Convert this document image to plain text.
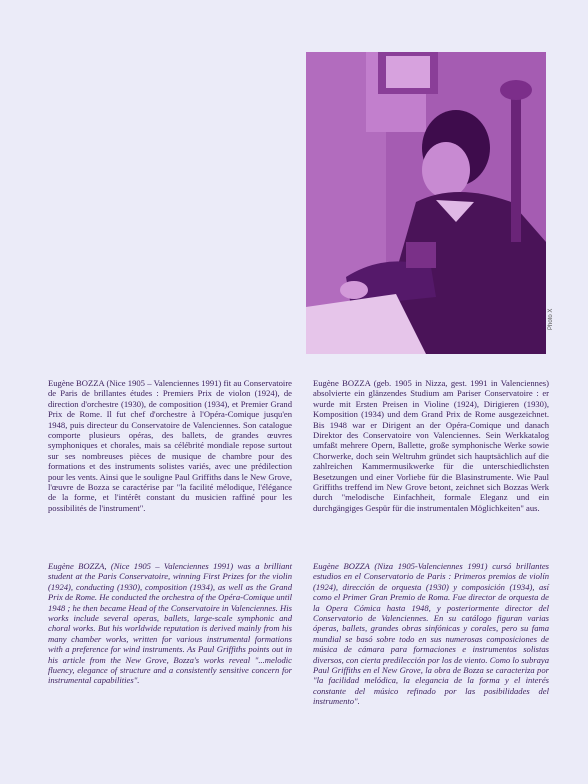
Photo X

Eugène BOZZA (Nice 1905 – Valenciennes 1991) fit au Conservatoire de Paris de brillantes études : Premiers Prix de violon (1924), de direction d'orchestre (1930), de composition (1934), et Premier Grand Prix de Rome. Il fut chef d'orchestre à l'Opéra-Comique jusqu'en 1948, puis directeur du Conservatoire de Valenciennes. Son catalogue comporte plusieurs opéras, des ballets, de grandes œuvres symphoniques et chorales, mais sa célébrité mondiale repose surtout sur ses nombreuses pièces de musique de chambre pour des formations et des instruments solistes variés, avec une prédilection pour les vents. Ainsi que le souligne Paul Griffiths dans le New Grove, l'œuvre de Bozza se caractérise par "la facilité mélodique, l'élégance de la forme, et l'intérêt constant du musicien raffiné pour les possibilités de l'instrument".

Eugène BOZZA (geb. 1905 in Nizza, gest. 1991 in Valenciennes) absolvierte ein glänzendes Studium am Pariser Conservatoire : er wurde mit Ersten Preisen in Violine (1924), Dirigieren (1930), Komposition (1934) und dem Grand Prix de Rome ausgezeichnet. Bis 1948 war er Dirigent an der Opéra-Comique und danach Direktor des Conservatoire von Valenciennes. Sein Werkkatalog umfaßt mehrere Opern, Ballette, große symphonische Werke sowie Chorwerke, doch sein Weltruhm gründet sich hauptsächlich auf die zahlreichen Kammermusikwerke für die unterschiedlichsten Besetzungen und einer Vorliebe für die Blasinstrumente. Wie Paul Griffiths treffend im New Grove betont, zeichnet sich Bozzas Werk durch "melodische Einfachheit, formale Eleganz und ein durchgängiges Gespür für die instrumentalen Möglichkeiten" aus.

Eugène BOZZA, (Nice 1905 – Valenciennes 1991) was a brilliant student at the Paris Conservatoire, winning First Prizes for the violin (1924), conducting (1930), composition (1934), as well as the Grand Prix de Rome. He conducted the orchestra of the Opéra-Comique until 1948 ; he then became Head of the Conservatoire in Valenciennes. His works include several operas, ballets, large-scale symphonic and choral works. But his worldwide reputation is derived mainly from his many chamber works, written for various instrumental formations with a preference for wind instruments. As Paul Griffiths points out in his article from the New Grove, Bozza's works reveal "...melodic fluency, elegance of structure and a consistently sensitive concern for instrumental capabilities".

Eugène BOZZA (Niza 1905-Valenciennes 1991) cursó brillantes estudios en el Conservatorio de Paris : Primeros premios de violín (1924), dirección de orquesta (1930) y composición (1934), así como el Primer Gran Premio de Roma. Fue director de orquesta de la Opera Cómica hasta 1948, y posteriormente director del Conservatorio de Valenciennes. En su catálogo figuran varias óperas, ballets, grandes obras sinfónicas y corales, pero su fama mundial se basó sobre todo en sus numerosas composiciones de música de cámara para formaciones e instrumentos solistas diversos, con cierta predilección por los de viento. Como lo subraya Paul Griffiths en el New Grove, la obra de Bozza se caracteriza por "la facilidad melódica, la elegancia de la forma y el interés constante del músico refinado por las posibilidades del instrumento".
